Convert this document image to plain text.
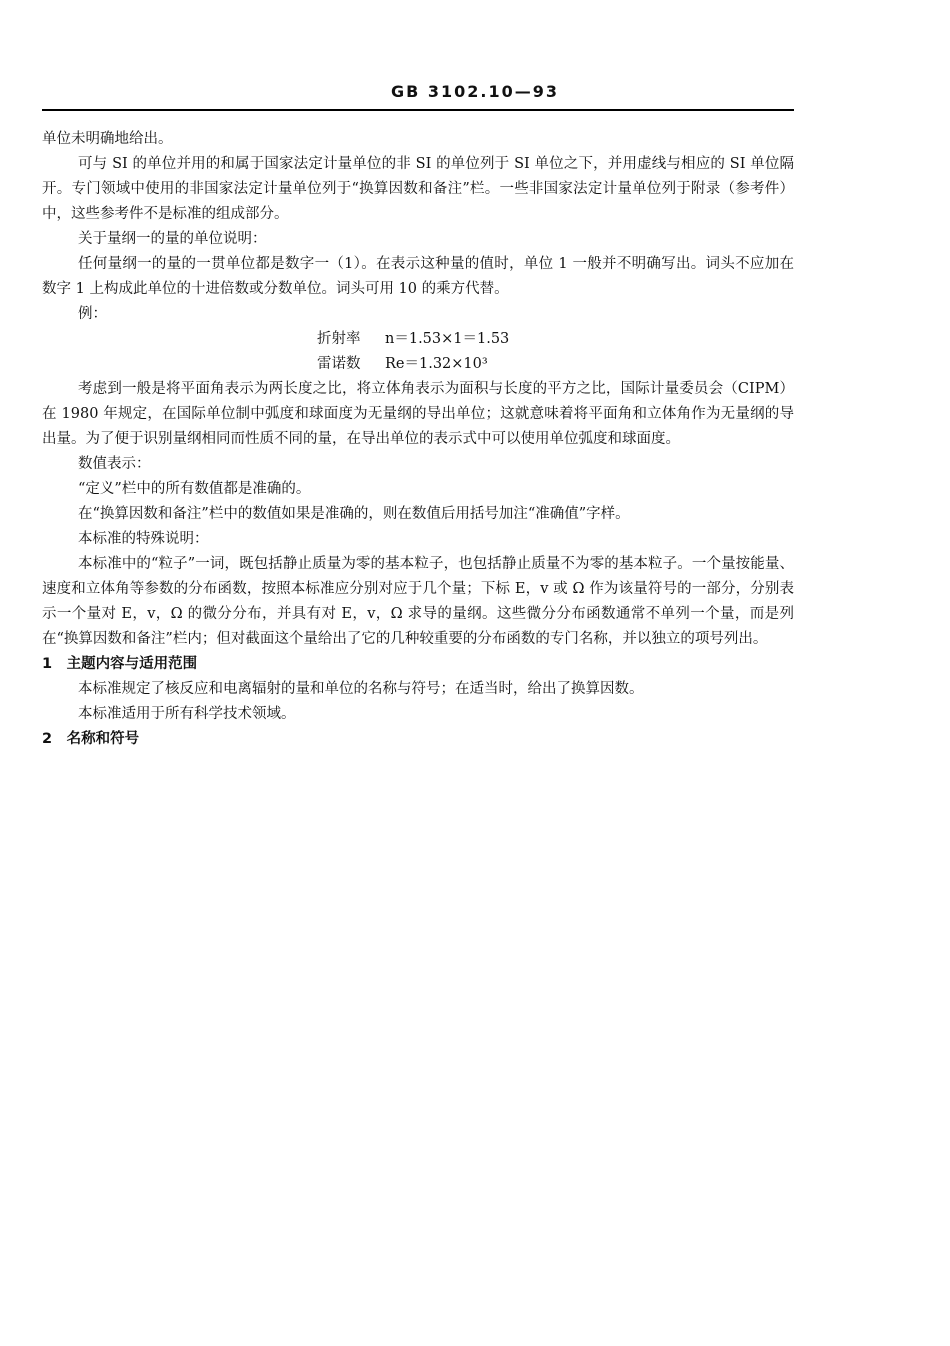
GB 3102.10—93

单位未明确地给出。

可与 SI 的单位并用的和属于国家法定计量单位的非 SI 的单位列于 SI 单位之下，并用虚线与相应的 SI 单位隔开。专门领域中使用的非国家法定计量单位列于“换算因数和备注”栏。一些非国家法定计量单位列于附录（参考件）中，这些参考件不是标准的组成部分。

关于量纲一的量的单位说明：

任何量纲一的量的一贯单位都是数字一（1）。在表示这种量的值时，单位 1 一般并不明确写出。词头不应加在数字 1 上构成此单位的十进倍数或分数单位。词头可用 10 的乘方代替。

例：

折射率 n＝1.53×1＝1.53
雷诺数 Re＝1.32×10³

考虑到一般是将平面角表示为两长度之比，将立体角表示为面积与长度的平方之比，国际计量委员会（CIPM）在 1980 年规定，在国际单位制中弧度和球面度为无量纲的导出单位；这就意味着将平面角和立体角作为无量纲的导出量。为了便于识别量纲相同而性质不同的量，在导出单位的表示式中可以使用单位弧度和球面度。

数值表示：

“定义”栏中的所有数值都是准确的。

在“换算因数和备注”栏中的数值如果是准确的，则在数值后用括号加注“准确值”字样。

本标准的特殊说明：

本标准中的“粒子”一词，既包括静止质量为零的基本粒子，也包括静止质量不为零的基本粒子。一个量按能量、速度和立体角等参数的分布函数，按照本标准应分别对应于几个量；下标 E，v 或 Ω 作为该量符号的一部分，分别表示一个量对 E，v，Ω 的微分分布，并具有对 E，v，Ω 求导的量纲。这些微分分布函数通常不单列一个量，而是列在“换算因数和备注”栏内；但对截面这个量给出了它的几种较重要的分布函数的专门名称，并以独立的项号列出。

1　主题内容与适用范围

本标准规定了核反应和电离辐射的量和单位的名称与符号；在适当时，给出了换算因数。

本标准适用于所有科学技术领域。

2　名称和符号
